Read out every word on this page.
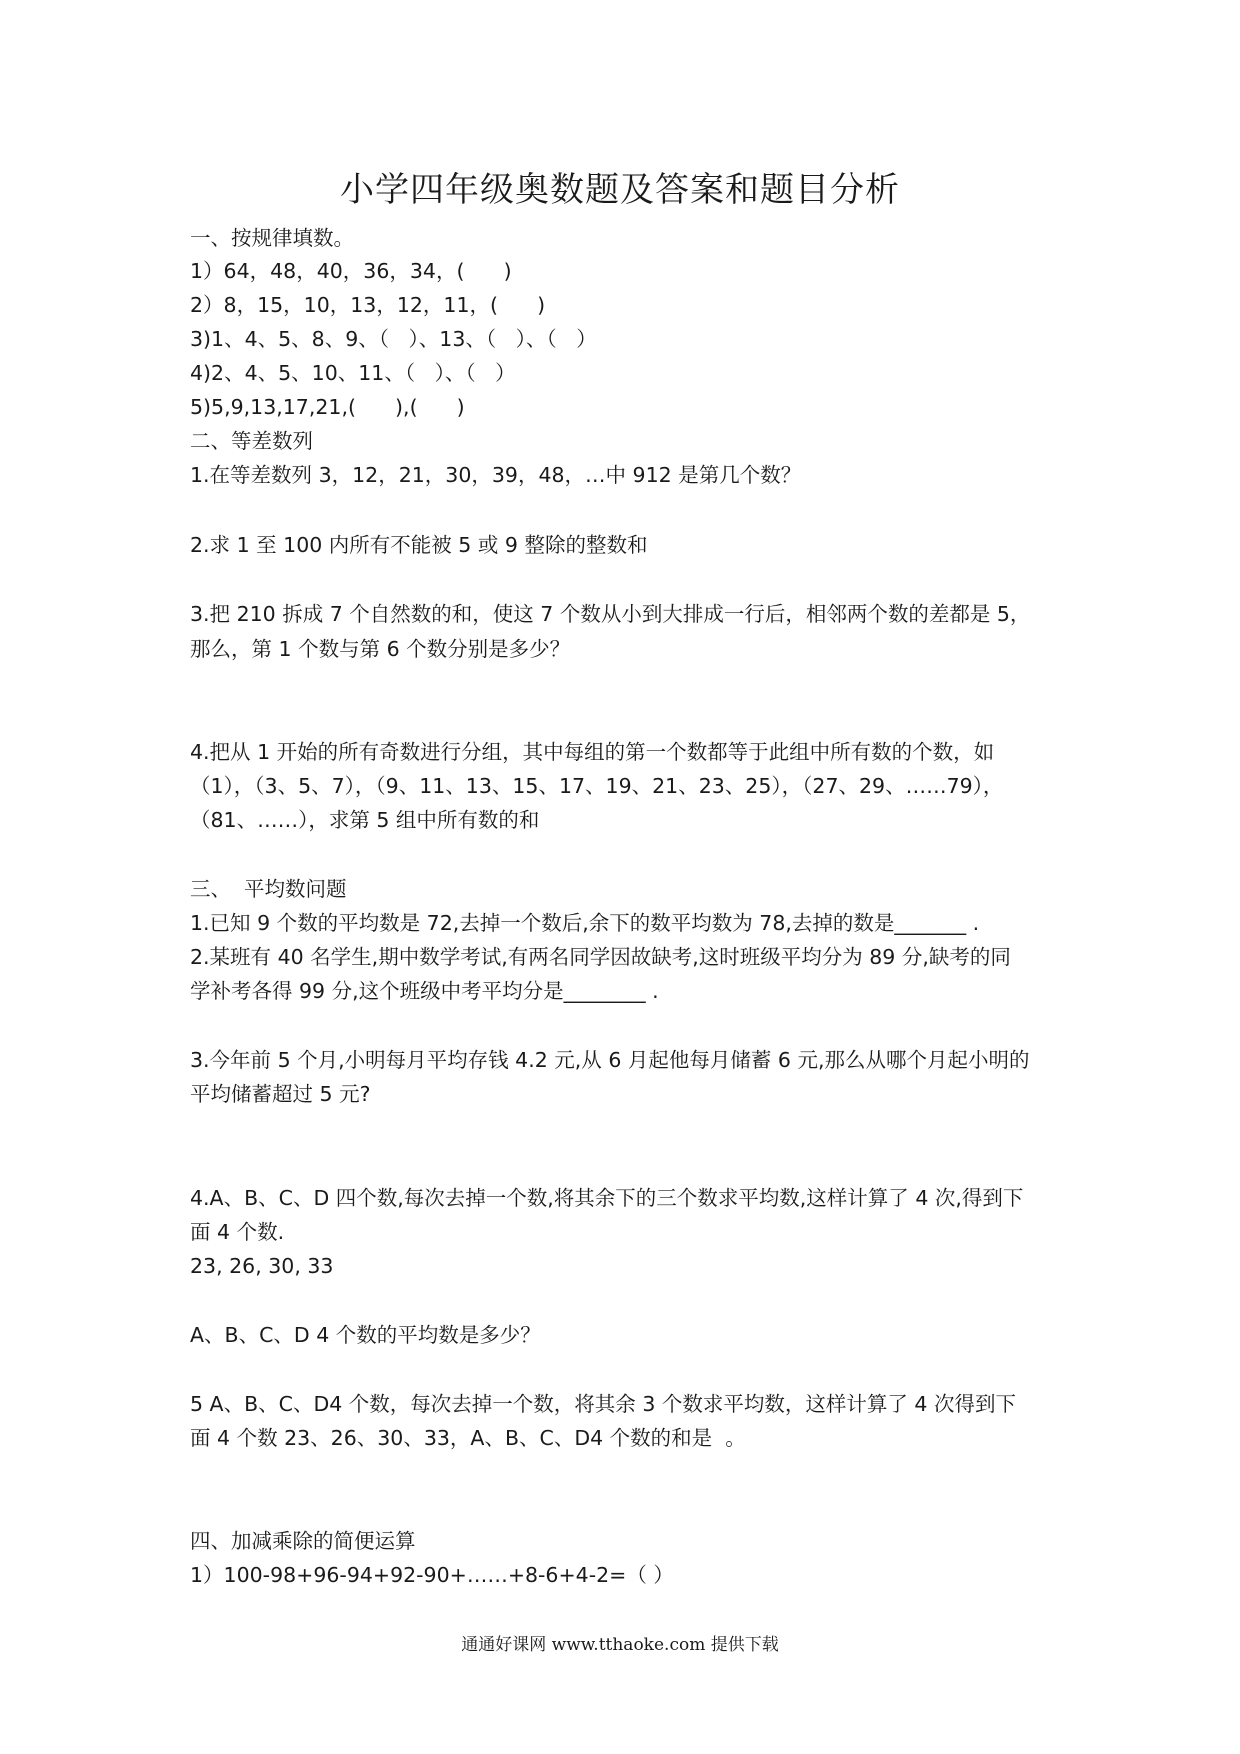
小学四年级奥数题及答案和题目分析
一、按规律填数。
1）64，48，40，36，34，(      )
2）8，15，10，13，12，11，(      )
3)1、4、5、8、9、（   ）、13、（   ）、（   ）
4)2、4、5、10、11、（   ）、（   ）
5)5,9,13,17,21,(      ),(      )
二、等差数列
1.在等差数列 3，12，21，30，39，48，…中 912 是第几个数？
2.求 1 至 100 内所有不能被 5 或 9 整除的整数和
3.把 210 拆成 7 个自然数的和，使这 7 个数从小到大排成一行后，相邻两个数的差都是 5，
那么，第 1 个数与第 6 个数分别是多少？
4.把从 1 开始的所有奇数进行分组，其中每组的第一个数都等于此组中所有数的个数，如
（1），（3、5、7），（9、11、13、15、17、19、21、23、25），（27、29、……79），
（81、……），求第 5 组中所有数的和
三、  平均数问题
1.已知 9 个数的平均数是 72,去掉一个数后,余下的数平均数为 78,去掉的数是_______ .
2.某班有 40 名学生,期中数学考试,有两名同学因故缺考,这时班级平均分为 89 分,缺考的同
学补考各得 99 分,这个班级中考平均分是________ .
3.今年前 5 个月,小明每月平均存钱 4.2 元,从 6 月起他每月储蓄 6 元,那么从哪个月起小明的
平均储蓄超过 5 元?
4.A、B、C、D 四个数,每次去掉一个数,将其余下的三个数求平均数,这样计算了 4 次,得到下
面 4 个数.
23, 26, 30, 33
A、B、C、D 4 个数的平均数是多少？
5 A、B、C、D4 个数，每次去掉一个数，将其余 3 个数求平均数，这样计算了 4 次得到下
面 4 个数 23、26、30、33，A、B、C、D4 个数的和是  。
四、加减乘除的简便运算
1）100-98+96-94+92-90+……+8-6+4-2=（ ）
通通好课网 www.tthaoke.com 提供下载
